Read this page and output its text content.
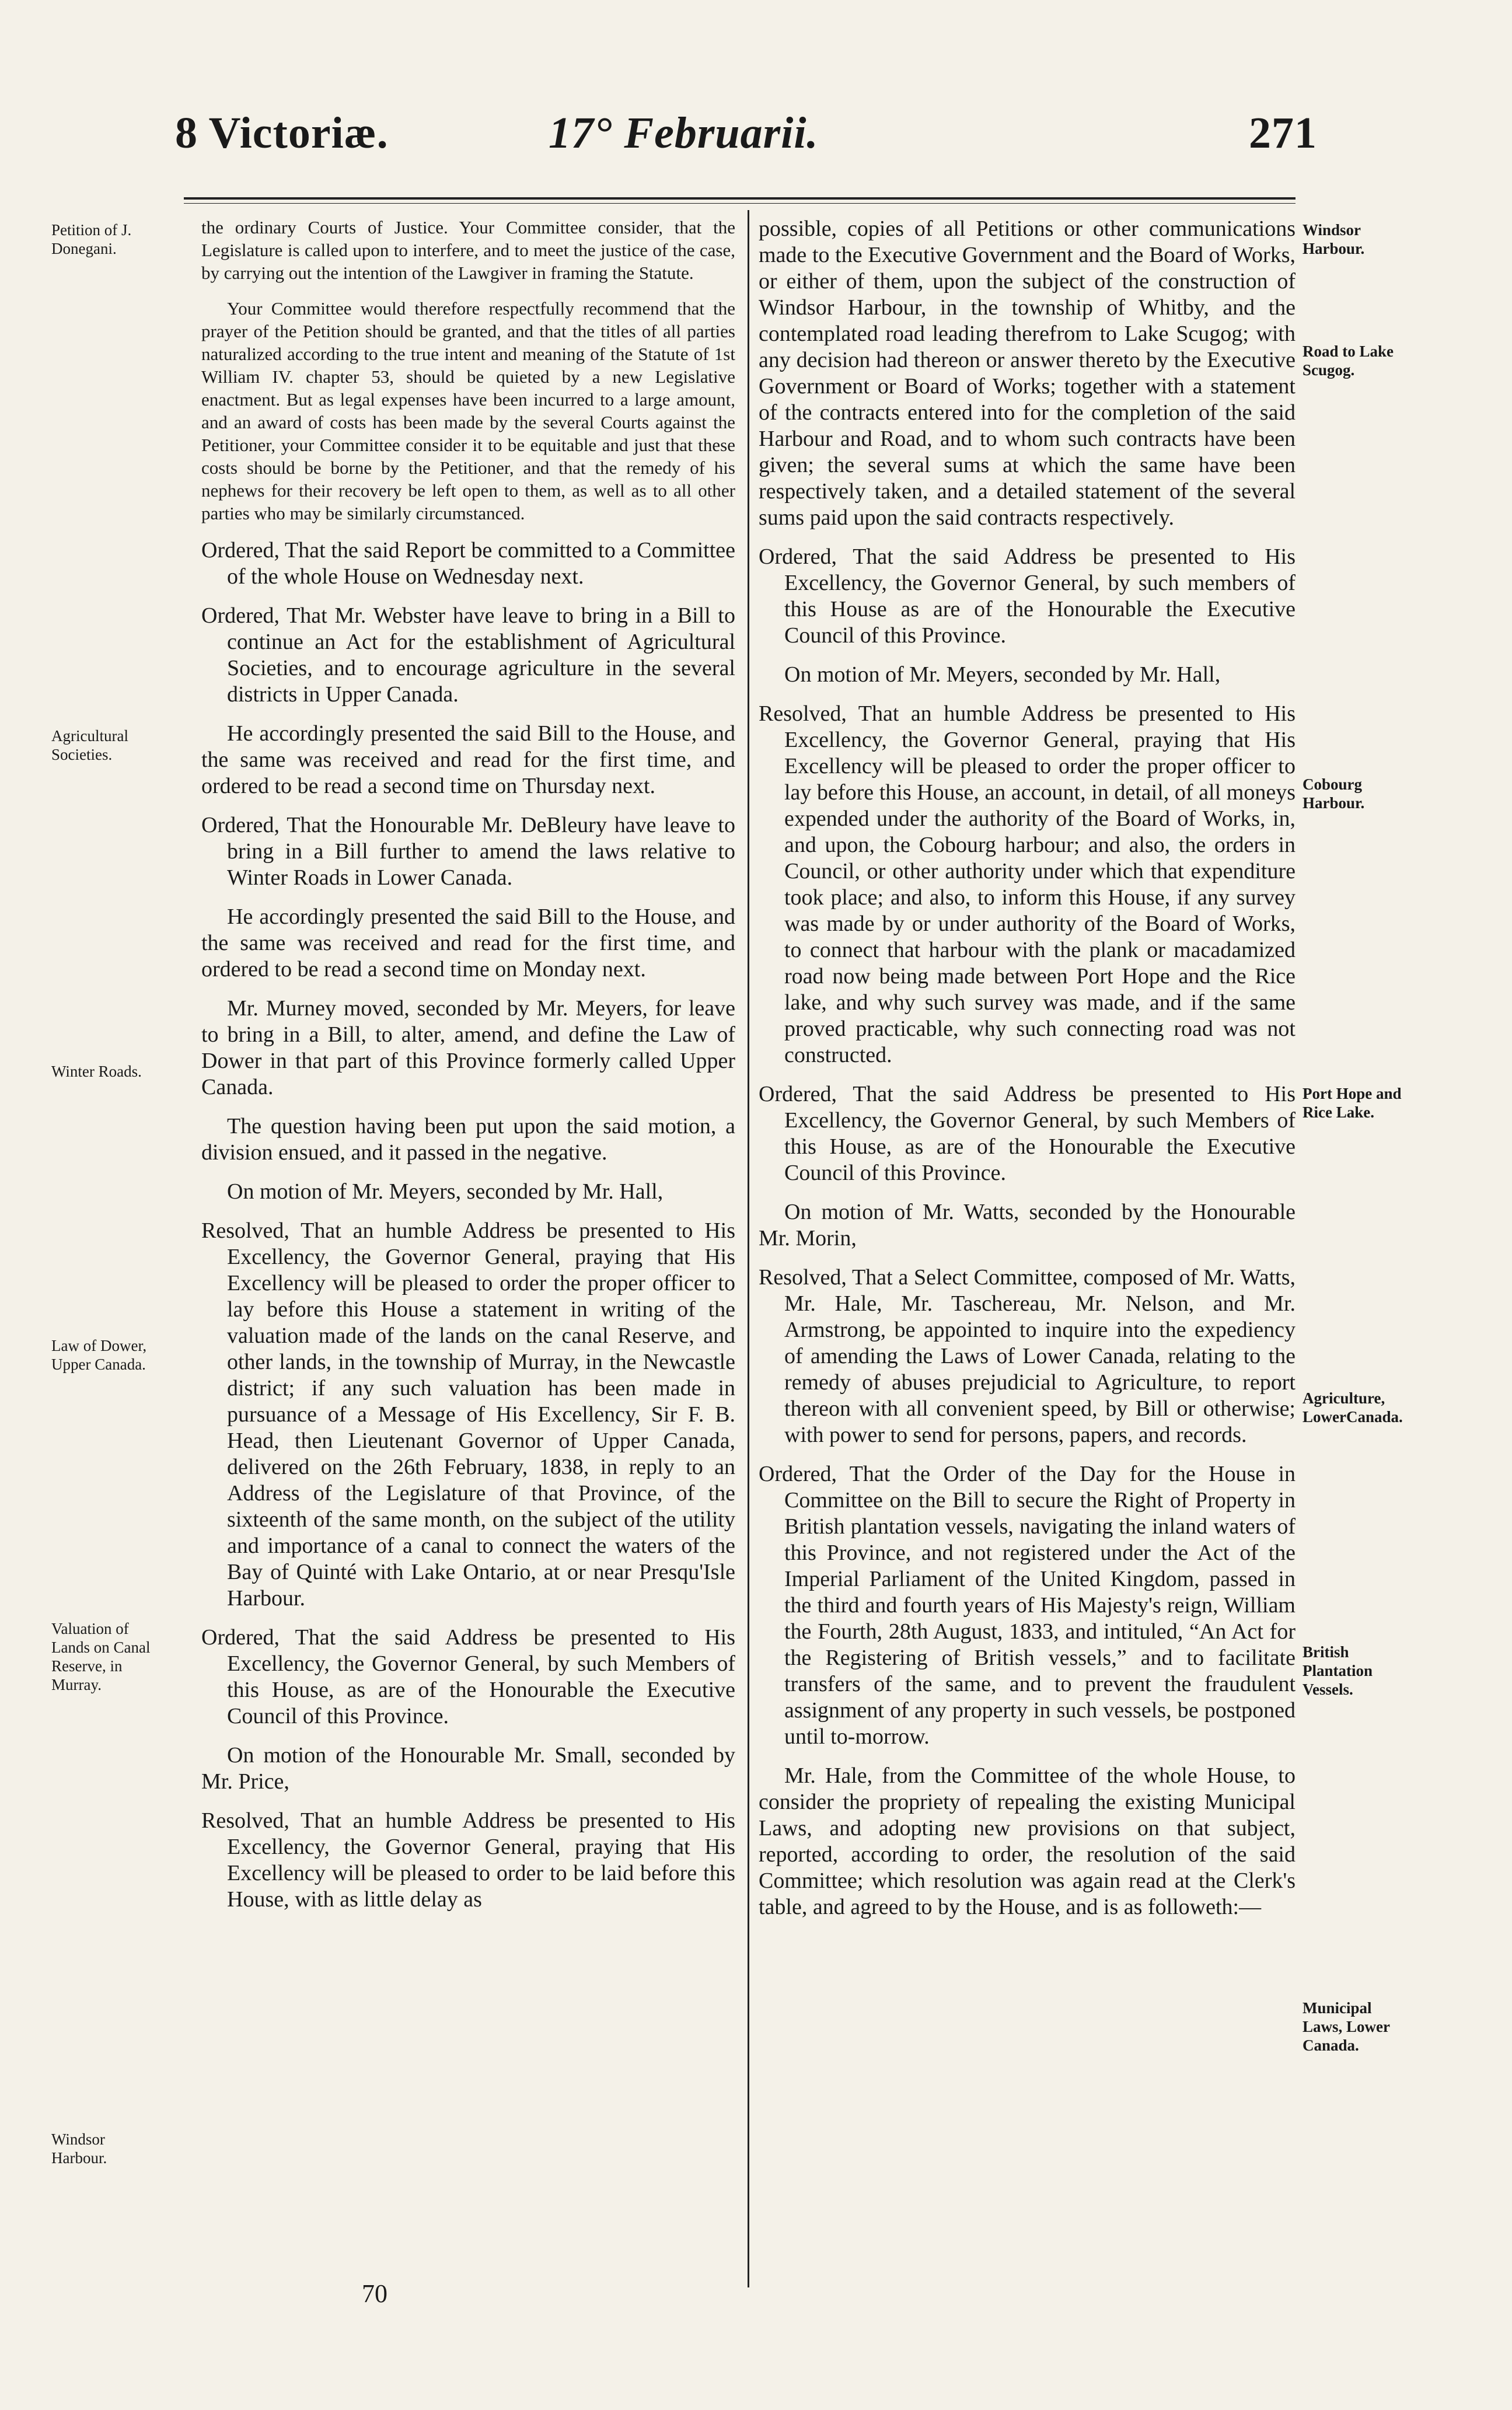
8 Victoriæ.	17° Februarii.	271
Petition of J. Donegani.
Agricultural Societies.
Winter Roads.
Law of Dower, Upper Canada.
Valuation of Lands on Canal Reserve, in Murray.
Windsor Harbour.
Windsor Harbour.
Road to Lake Scugog.
Cobourg Harbour.
Port Hope and Rice Lake.
Agriculture, LowerCanada.
British Plantation Vessels.
Municipal Laws, Lower Canada.

the ordinary Courts of Justice. Your Committee consider, that the Legislature is called upon to interfere, and to meet the justice of the case, by carrying out the intention of the Lawgiver in framing the Statute.

Your Committee would therefore respectfully recommend that the prayer of the Petition should be granted, and that the titles of all parties naturalized according to the true intent and meaning of the Statute of 1st William IV. chapter 53, should be quieted by a new Legislative enactment. But as legal expenses have been incurred to a large amount, and an award of costs has been made by the several Courts against the Petitioner, your Committee consider it to be equitable and just that these costs should be borne by the Petitioner, and that the remedy of his nephews for their recovery be left open to them, as well as to all other parties who may be similarly circumstanced.

Ordered, That the said Report be committed to a Committee of the whole House on Wednesday next.

Ordered, That Mr. Webster have leave to bring in a Bill to continue an Act for the establishment of Agricultural Societies, and to encourage agriculture in the several districts in Upper Canada.

He accordingly presented the said Bill to the House, and the same was received and read for the first time, and ordered to be read a second time on Thursday next.

Ordered, That the Honourable Mr. DeBleury have leave to bring in a Bill further to amend the laws relative to Winter Roads in Lower Canada.

He accordingly presented the said Bill to the House, and the same was received and read for the first time, and ordered to be read a second time on Monday next.

Mr. Murney moved, seconded by Mr. Meyers, for leave to bring in a Bill, to alter, amend, and define the Law of Dower in that part of this Province formerly called Upper Canada.

The question having been put upon the said motion, a division ensued, and it passed in the negative.

On motion of Mr. Meyers, seconded by Mr. Hall,

Resolved, That an humble Address be presented to His Excellency, the Governor General, praying that His Excellency will be pleased to order the proper officer to lay before this House a statement in writing of the valuation made of the lands on the canal Reserve, and other lands, in the township of Murray, in the Newcastle district; if any such valuation has been made in pursuance of a Message of His Excellency, Sir F. B. Head, then Lieutenant Governor of Upper Canada, delivered on the 26th February, 1838, in reply to an Address of the Legislature of that Province, of the sixteenth of the same month, on the subject of the utility and importance of a canal to connect the waters of the Bay of Quinté with Lake Ontario, at or near Presqu'Isle Harbour.

Ordered, That the said Address be presented to His Excellency, the Governor General, by such Members of this House, as are of the Honourable the Executive Council of this Province.

On motion of the Honourable Mr. Small, seconded by Mr. Price,

Resolved, That an humble Address be presented to His Excellency, the Governor General, praying that His Excellency will be pleased to order to be laid before this House, with as little delay as

possible, copies of all Petitions or other communications made to the Executive Government and the Board of Works, or either of them, upon the subject of the construction of Windsor Harbour, in the township of Whitby, and the contemplated road leading therefrom to Lake Scugog; with any decision had thereon or answer thereto by the Executive Government or Board of Works; together with a statement of the contracts entered into for the completion of the said Harbour and Road, and to whom such contracts have been given; the several sums at which the same have been respectively taken, and a detailed statement of the several sums paid upon the said contracts respectively.

Ordered, That the said Address be presented to His Excellency, the Governor General, by such members of this House as are of the Honourable the Executive Council of this Province.

On motion of Mr. Meyers, seconded by Mr. Hall,

Resolved, That an humble Address be presented to His Excellency, the Governor General, praying that His Excellency will be pleased to order the proper officer to lay before this House, an account, in detail, of all moneys expended under the authority of the Board of Works, in, and upon, the Cobourg harbour; and also, the orders in Council, or other authority under which that expenditure took place; and also, to inform this House, if any survey was made by or under authority of the Board of Works, to connect that harbour with the plank or macadamized road now being made between Port Hope and the Rice lake, and why such survey was made, and if the same proved practicable, why such connecting road was not constructed.

Ordered, That the said Address be presented to His Excellency, the Governor General, by such Members of this House, as are of the Honourable the Executive Council of this Province.

On motion of Mr. Watts, seconded by the Honourable Mr. Morin,

Resolved, That a Select Committee, composed of Mr. Watts, Mr. Hale, Mr. Taschereau, Mr. Nelson, and Mr. Armstrong, be appointed to inquire into the expediency of amending the Laws of Lower Canada, relating to the remedy of abuses prejudicial to Agriculture, to report thereon with all convenient speed, by Bill or otherwise; with power to send for persons, papers, and records.

Ordered, That the Order of the Day for the House in Committee on the Bill to secure the Right of Property in British plantation vessels, navigating the inland waters of this Province, and not registered under the Act of the Imperial Parliament of the United Kingdom, passed in the third and fourth years of His Majesty's reign, William the Fourth, 28th August, 1833, and intituled, “An Act for the Registering of British vessels,” and to facilitate transfers of the same, and to prevent the fraudulent assignment of any property in such vessels, be postponed until to-morrow.

Mr. Hale, from the Committee of the whole House, to consider the propriety of repealing the existing Municipal Laws, and adopting new provisions on that subject, reported, according to order, the resolution of the said Committee; which resolution was again read at the Clerk's table, and agreed to by the House, and is as followeth:—

70
